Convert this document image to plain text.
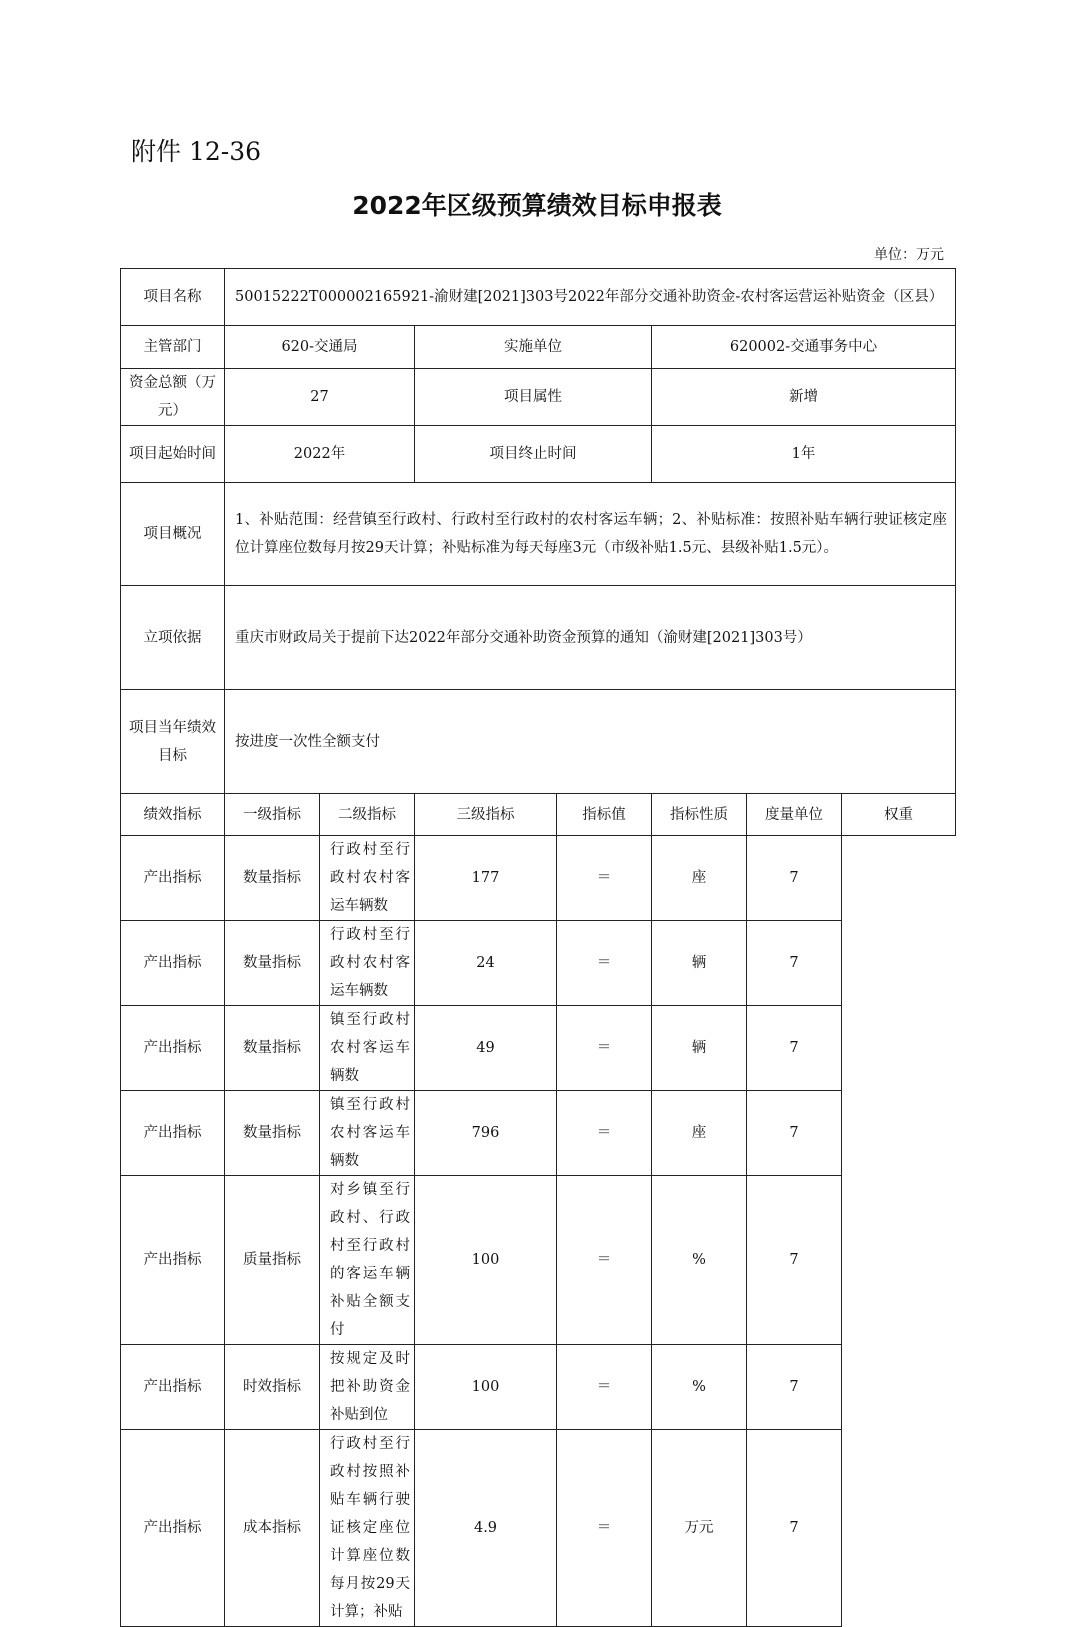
附件 12-36
2022年区级预算绩效目标申报表
单位：万元
项目名称	50015222T000002165921-渝财建[2021]303号2022年部分交通补助资金-农村客运营运补贴资金（区县）						
主管部门	620-交通局		实施单位		620002-交通事务中心		
资金总额（万元）	27		项目属性		新增		
项目起始时间	2022年		项目终止时间		1年		
项目概况	1、补贴范围：经营镇至行政村、行政村至行政村的农村客运车辆；2、补贴标准：按照补贴车辆行驶证核定座位计算座位数每月按29天计算；补贴标准为每天每座3元（市级补贴1.5元、县级补贴1.5元）。						
立项依据	重庆市财政局关于提前下达2022年部分交通补助资金预算的通知（渝财建[2021]303号）						
项目当年绩效目标	按进度一次性全额支付						
绩效指标	一级指标	二级指标	三级指标	指标值	指标性质	度量单位	权重
产出指标	数量指标	行政村至行政村农村客运车辆数	177	＝	座	7	
产出指标	数量指标	行政村至行政村农村客运车辆数	24	＝	辆	7	
产出指标	数量指标	镇至行政村农村客运车辆数	49	＝	辆	7	
产出指标	数量指标	镇至行政村农村客运车辆数	796	＝	座	7	
产出指标	质量指标	对乡镇至行政村、行政村至行政村的客运车辆补贴全额支付	100	＝	%	7	
产出指标	时效指标	按规定及时把补助资金补贴到位	100	＝	%	7	
产出指标	成本指标	行政村至行政村按照补贴车辆行驶证核定座位计算座位数每月按29天计算；补贴	4.9	＝	万元	7	
